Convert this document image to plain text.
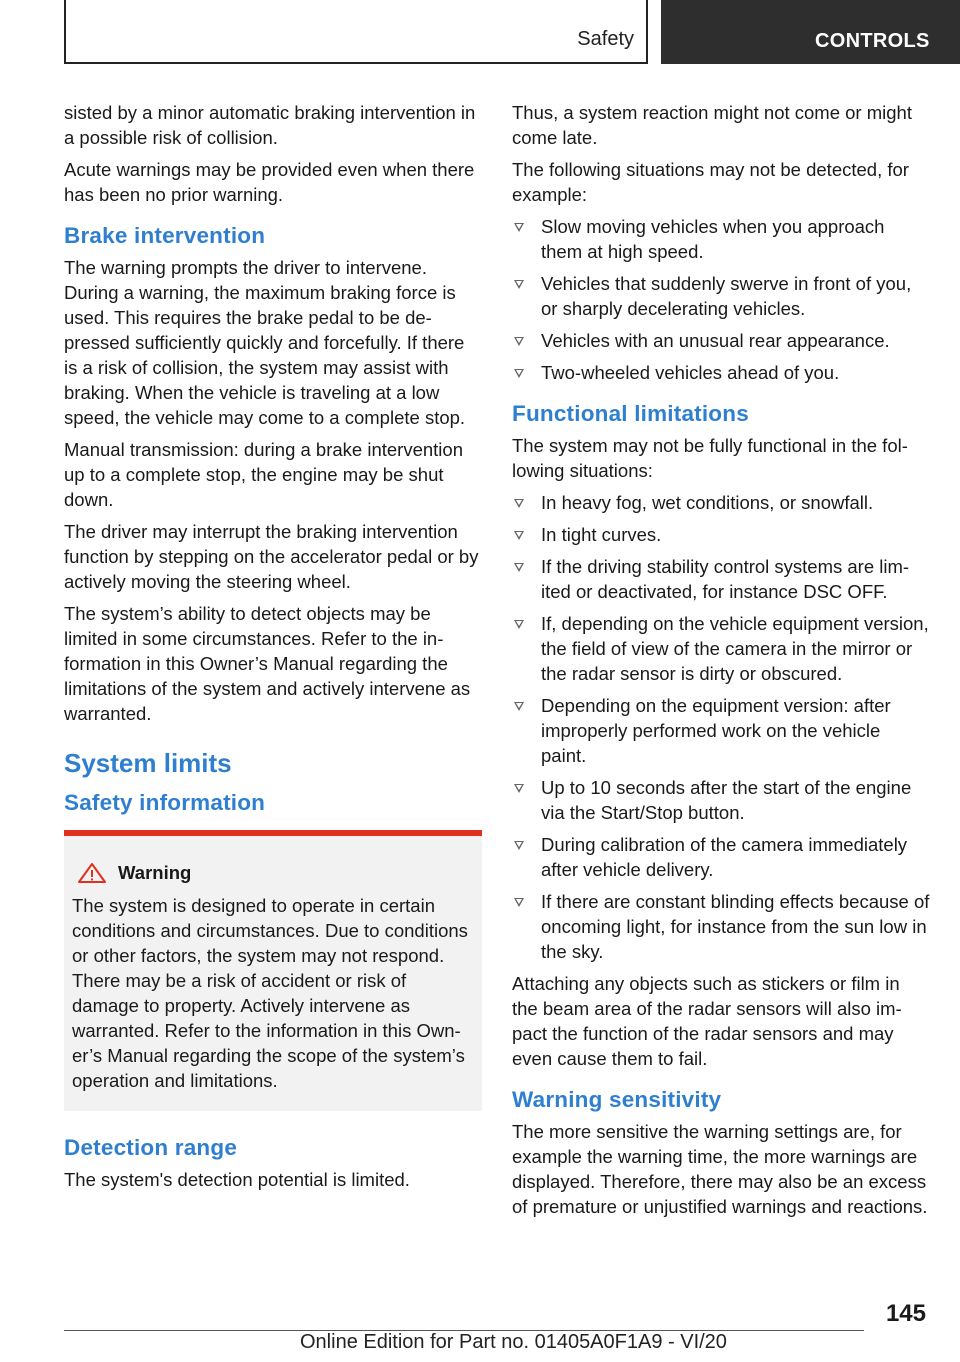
Safety	CONTROLS

sisted by a minor automatic braking intervention in a possible risk of collision.

Acute warnings may be provided even when there has been no prior warning.

Brake intervention

The warning prompts the driver to intervene. During a warning, the maximum braking force is used. This requires the brake pedal to be depressed sufficiently quickly and forcefully. If there is a risk of collision, the system may assist with braking. When the vehicle is traveling at a low speed, the vehicle may come to a complete stop.

Manual transmission: during a brake intervention up to a complete stop, the engine may be shut down.

The driver may interrupt the braking intervention function by stepping on the accelerator pedal or by actively moving the steering wheel.

The system’s ability to detect objects may be limited in some circumstances. Refer to the information in this Owner’s Manual regarding the limitations of the system and actively intervene as warranted.

System limits
Safety information
Warning

The system is designed to operate in certain conditions and circumstances. Due to conditions or other factors, the system may not respond. There may be a risk of accident or risk of damage to property. Actively intervene as warranted. Refer to the information in this Owner’s Manual regarding the scope of the system’s operation and limitations.

Detection range

The system's detection potential is limited.

Thus, a system reaction might not come or might come late.

The following situations may not be detected, for example:

Slow moving vehicles when you approach them at high speed.
Vehicles that suddenly swerve in front of you, or sharply decelerating vehicles.
Vehicles with an unusual rear appearance.
Two-wheeled vehicles ahead of you.
Functional limitations

The system may not be fully functional in the following situations:

In heavy fog, wet conditions, or snowfall.
In tight curves.
If the driving stability control systems are limited or deactivated, for instance DSC OFF.
If, depending on the vehicle equipment version, the field of view of the camera in the mirror or the radar sensor is dirty or obscured.
Depending on the equipment version: after improperly performed work on the vehicle paint.
Up to 10 seconds after the start of the engine via the Start/Stop button.
During calibration of the camera immediately after vehicle delivery.
If there are constant blinding effects because of oncoming light, for instance from the sun low in the sky.

Attaching any objects such as stickers or film in the beam area of the radar sensors will also impact the function of the radar sensors and may even cause them to fail.

Warning sensitivity

The more sensitive the warning settings are, for example the warning time, the more warnings are displayed. Therefore, there may also be an excess of premature or unjustified warnings and reactions.

145
Online Edition for Part no. 01405A0F1A9 - VI/20
